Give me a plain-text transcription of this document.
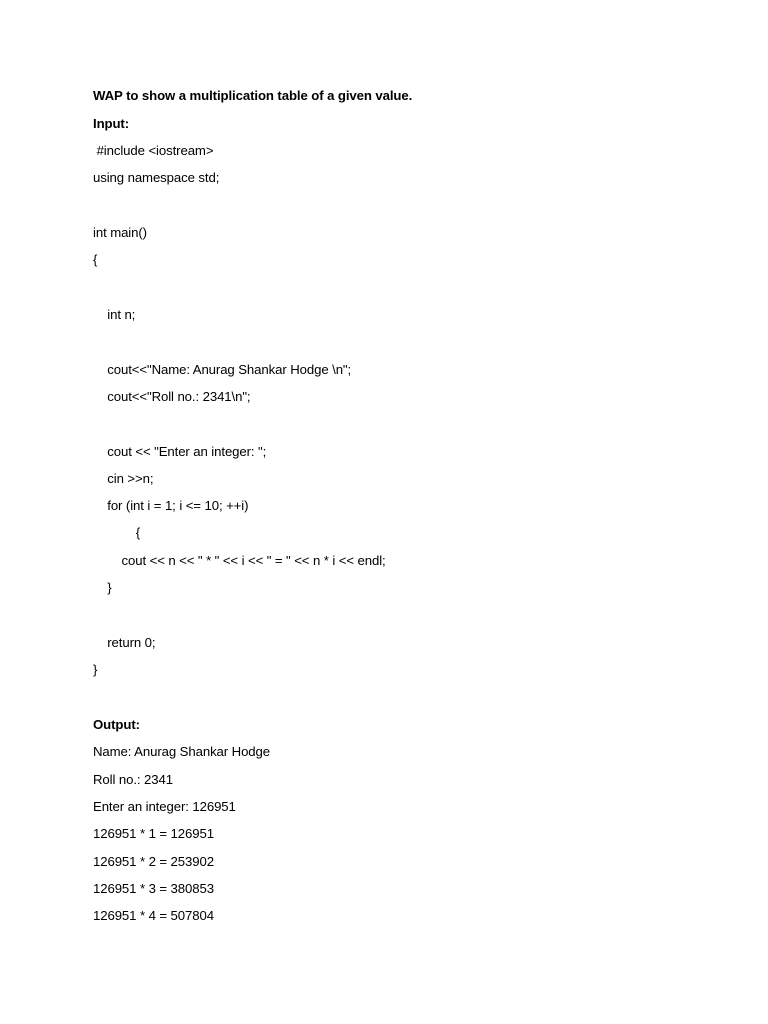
WAP to show a multiplication table of a given value.
Input:
#include <iostream>
using namespace std;
int main()
{
int n;
cout<<"Name: Anurag Shankar Hodge \n";
cout<<"Roll no.: 2341\n";
cout << "Enter an integer: ";
cin >>n;
for (int i = 1; i <= 10; ++i)
{
cout << n << " * " << i << " = " << n * i << endl;
}
return 0;
}
Output:
Name: Anurag Shankar Hodge
Roll no.: 2341
Enter an integer: 126951
126951 * 1 = 126951
126951 * 2 = 253902
126951 * 3 = 380853
126951 * 4 = 507804
